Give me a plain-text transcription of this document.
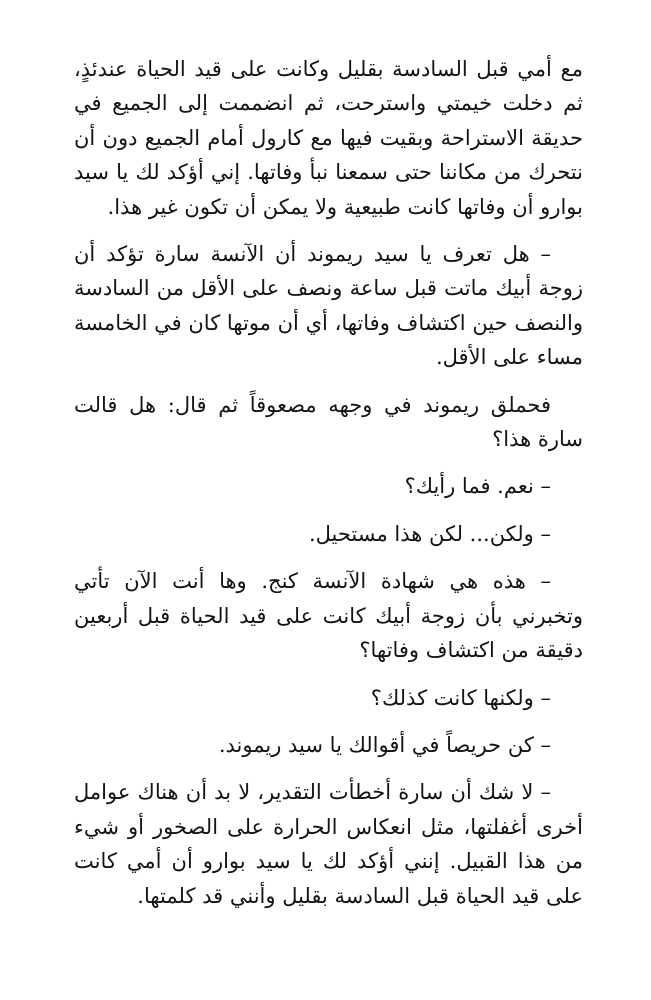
مع أمي قبل السادسة بقليل وكانت على قيد الحياة عندئذٍ، ثم دخلت خيمتي واسترحت، ثم انضممت إلى الجميع في حديقة الاستراحة وبقيت فيها مع كارول أمام الجميع دون أن نتحرك من مكاننا حتى سمعنا نبأ وفاتها. إني أؤكد لك يا سيد بوارو أن وفاتها كانت طبيعية ولا يمكن أن تكون غير هذا.

– هل تعرف يا سيد ريموند أن الآنسة سارة تؤكد أن زوجة أبيك ماتت قبل ساعة ونصف على الأقل من السادسة والنصف حين اكتشاف وفاتها، أي أن موتها كان في الخامسة مساء على الأقل.

فحملق ريموند في وجهه مصعوقاً ثم قال: هل قالت سارة هذا؟

– نعم. فما رأيك؟

– ولكن... لكن هذا مستحيل.

– هذه هي شهادة الآنسة كنج. وها أنت الآن تأتي وتخبرني بأن زوجة أبيك كانت على قيد الحياة قبل أربعين دقيقة من اكتشاف وفاتها؟

– ولكنها كانت كذلك؟

– كن حريصاً في أقوالك يا سيد ريموند.

– لا شك أن سارة أخطأت التقدير، لا بد أن هناك عوامل أخرى أغفلتها، مثل انعكاس الحرارة على الصخور أو شيء من هذا القبيل. إنني أؤكد لك يا سيد بوارو أن أمي كانت على قيد الحياة قبل السادسة بقليل وأنني قد كلمتها.
